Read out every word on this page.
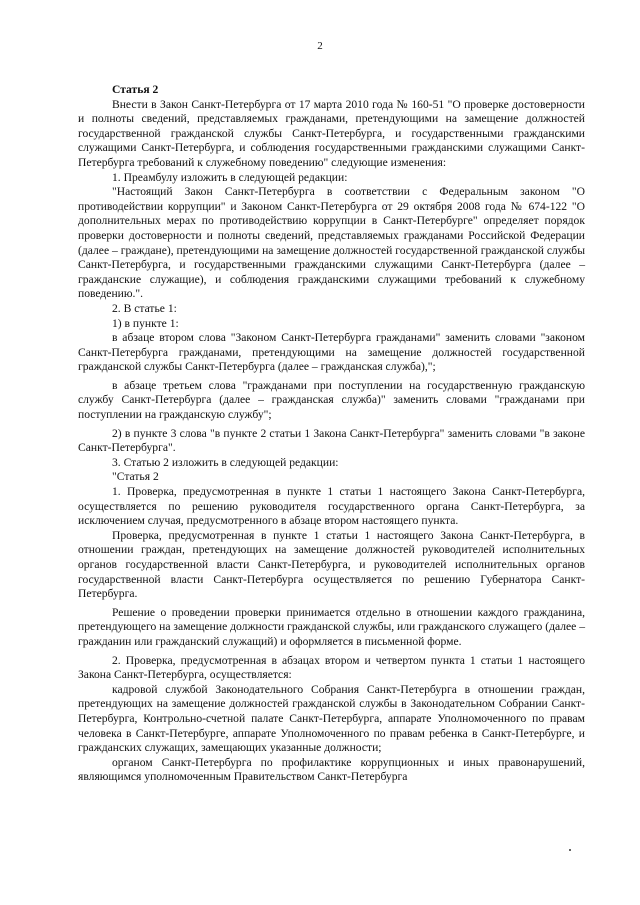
2

Статья 2

Внести в Закон Санкт-Петербурга от 17 марта 2010 года № 160-51 "О проверке достоверности и полноты сведений, представляемых гражданами, претендующими на замещение должностей государственной гражданской службы Санкт-Петербурга, и государственными гражданскими служащими Санкт-Петербурга, и соблюдения государственными гражданскими служащими Санкт-Петербурга требований к служебному поведению" следующие изменения:

1. Преамбулу изложить в следующей редакции:

"Настоящий Закон Санкт-Петербурга в соответствии с Федеральным законом "О противодействии коррупции" и Законом Санкт-Петербурга от 29 октября 2008 года № 674-122 "О дополнительных мерах по противодействию коррупции в Санкт-Петербурге" определяет порядок проверки достоверности и полноты сведений, представляемых гражданами Российской Федерации (далее – граждане), претендующими на замещение должностей государственной гражданской службы Санкт-Петербурга, и государственными гражданскими служащими Санкт-Петербурга (далее – гражданские служащие), и соблюдения гражданскими служащими требований к служебному поведению.".

2. В статье 1:

1) в пункте 1:

в абзаце втором слова "Законом Санкт-Петербурга гражданами" заменить словами "законом Санкт-Петербурга гражданами, претендующими на замещение должностей государственной гражданской службы Санкт-Петербурга (далее – гражданская служба),";

в абзаце третьем слова "гражданами при поступлении на государственную гражданскую службу Санкт-Петербурга (далее – гражданская служба)" заменить словами "гражданами при поступлении на гражданскую службу";

2) в пункте 3 слова "в пункте 2 статьи 1 Закона Санкт-Петербурга" заменить словами "в законе Санкт-Петербурга".

3. Статью 2 изложить в следующей редакции:

"Статья 2

1. Проверка, предусмотренная в пункте 1 статьи 1 настоящего Закона Санкт-Петербурга, осуществляется по решению руководителя государственного органа Санкт-Петербурга, за исключением случая, предусмотренного в абзаце втором настоящего пункта.

Проверка, предусмотренная в пункте 1 статьи 1 настоящего Закона Санкт-Петербурга, в отношении граждан, претендующих на замещение должностей руководителей исполнительных органов государственной власти Санкт-Петербурга, и руководителей исполнительных органов государственной власти Санкт-Петербурга осуществляется по решению Губернатора Санкт-Петербурга.

Решение о проведении проверки принимается отдельно в отношении каждого гражданина, претендующего на замещение должности гражданской службы, или гражданского служащего (далее – гражданин или гражданский служащий) и оформляется в письменной форме.

2. Проверка, предусмотренная в абзацах втором и четвертом пункта 1 статьи 1 настоящего Закона Санкт-Петербурга, осуществляется:

кадровой службой Законодательного Собрания Санкт-Петербурга в отношении граждан, претендующих на замещение должностей гражданской службы в Законодательном Собрании Санкт-Петербурга, Контрольно-счетной палате Санкт-Петербурга, аппарате Уполномоченного по правам человека в Санкт-Петербурге, аппарате Уполномоченного по правам ребенка в Санкт-Петербурге, и гражданских служащих, замещающих указанные должности;

органом Санкт-Петербурга по профилактике коррупционных и иных правонарушений, являющимся уполномоченным Правительством Санкт-Петербурга
